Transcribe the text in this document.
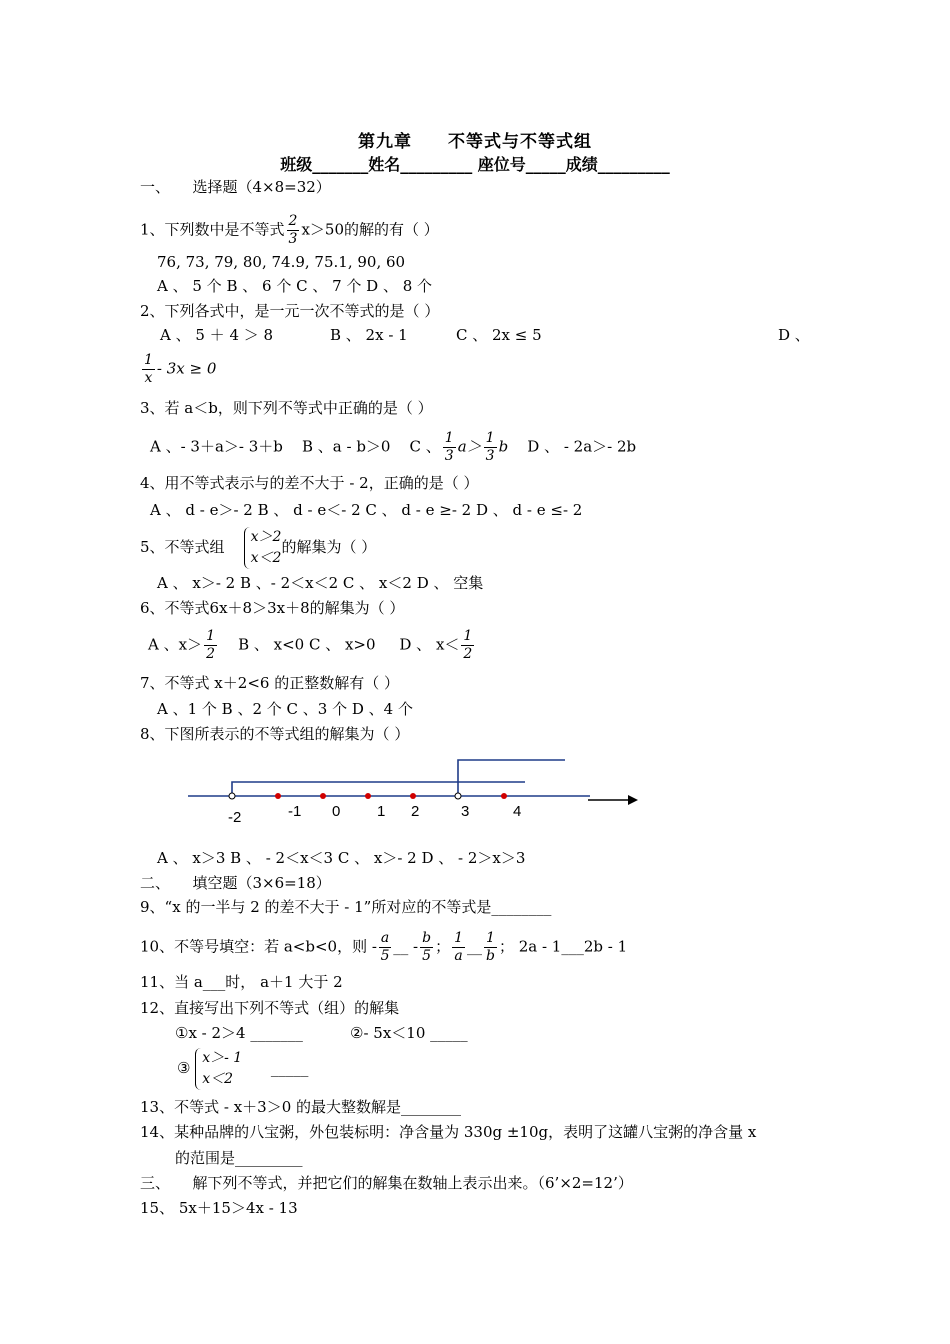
第九章　　不等式与不等式组
班级_______姓名_________ 座位号_____成绩_________
一、　　选择题（4×8=32）
1、下列数中是不等式 $\frac{2}{3} x>50$的解的有（ ）
76, 73, 79, 80, 74.9, 75.1, 90, 60
A 、 5 个 B 、 6 个 C 、 7 个 D 、 8 个
2、下列各式中，是一元一次不等式的是（ ）
A 、 5 ＋ 4 ＞ 8	B 、 2x - 1	C 、 2x ≤ 5	D 、
$\frac{1}{x} - 3x \ge 0$
3、若 a＜b，则下列不等式中正确的是（ ）
A 、- 3＋a＞- 3＋b B 、a - b＞0 C 、 $\frac{1}{3} a> \frac{1}{3}$ b D 、 - 2a＞- 2b
4、用不等式表示与的差不大于 - 2，正确的是（ ）
A 、 d - e＞- 2 B 、 d - e＜- 2 C 、 d - e ≥- 2 D 、 d - e ≤- 2
5、不等式组
x＞2
x＜2
的解集为（ ）
A 、 x＞- 2 B 、- 2＜x＜2 C 、 x＜2 D 、 空集
6、不等式6x＋8＞3x＋8的解集为（ ）
A 、$x> \frac{1}{2}$ B 、 x<0 C 、 x>0 D 、 $x< \frac{1}{2}$
7、不等式 x＋2<6 的正整数解有（ ）
A 、1 个 B 、2 个 C 、3 个 D 、4 个
8、下图所表示的不等式组的解集为（ ）
-2	-1 0 1 2	3	4
A 、 x＞3 B 、 - 2＜x＜3 C 、 x＞- 2 D 、 - 2＞x＞3
二、　　填空题（3×6=18）
9、“x 的一半与 2 的差不大于 - 1”所对应的不等式是________
10、不等号填空：若 a<b<0，则 - $\frac{a}{5}$ __ - $\frac{b}{5}$ ； $\frac{1}{a}$ __ $\frac{1}{b}$ ； 2a - 1___2b - 1
11、当 a___时， a＋1 大于 2
12、直接写出下列不等式（组）的解集
①x - 2＞4 _______	②- 5x＜10 _____
③
x＞- 1
x＜2
_____
13、不等式 - x＋3＞0 的最大整数解是________
14、某种品牌的八宝粥，外包装标明：净含量为 330g ±10g，表明了这罐八宝粥的净含量 x
的范围是_________
三、　　解下列不等式，并把它们的解集在数轴上表示出来。（6’×2=12’）
15、 5x＋15＞4x - 13
